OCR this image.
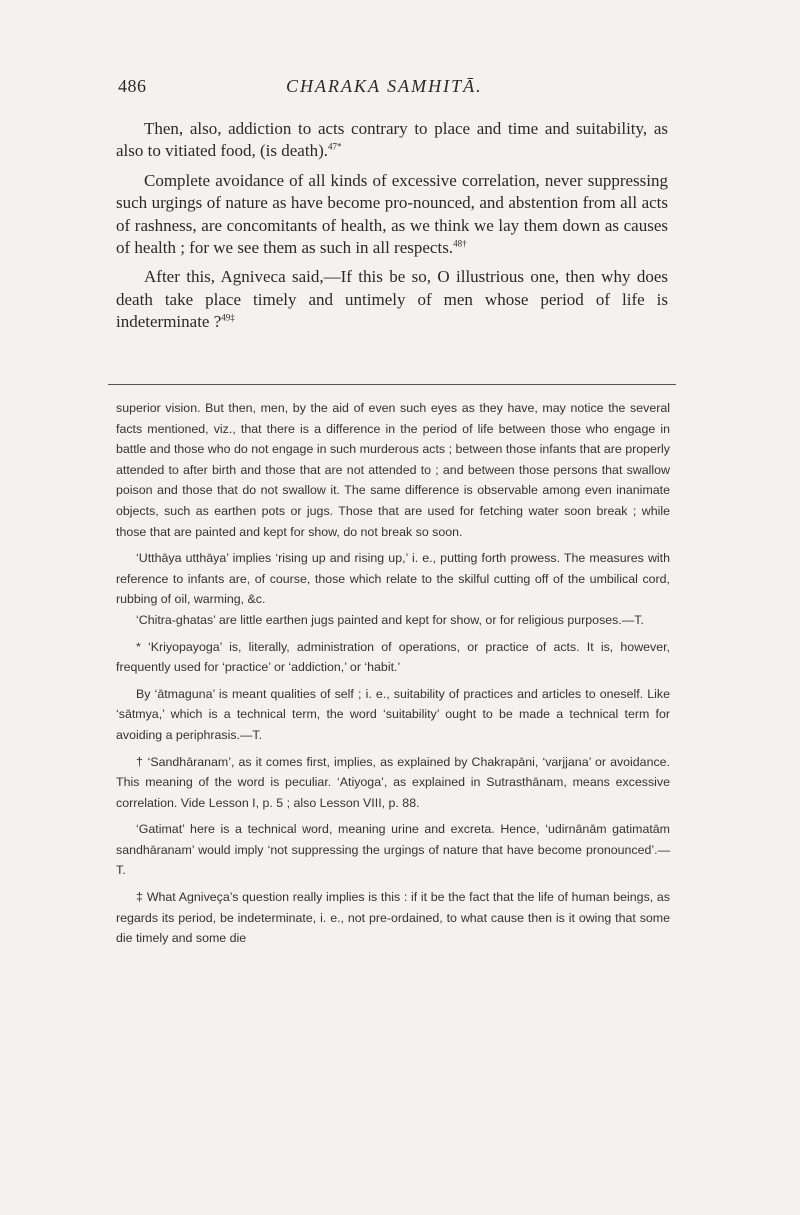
486	CHARAKA SAMHITĀ.

Then, also, addiction to acts contrary to place and time and suitability, as also to vitiated food, (is death).$^{47*}$

Complete avoidance of all kinds of excessive correlation, never suppressing such urgings of nature as have become pro-nounced, and abstention from all acts of rashness, are concomitants of health, as we think we lay them down as causes of health ; for we see them as such in all respects.$^{48\dagger}$

After this, Agniveca said,—If this be so, O illustrious one, then why does death take place timely and untimely of men whose period of life is indeterminate ?$^{49\ddagger}$

superior vision. But then, men, by the aid of even such eyes as they have, may notice the several facts mentioned, viz., that there is a difference in the period of life between those who engage in battle and those who do not engage in such murderous acts ; between those infants that are properly attended to after birth and those that are not attended to ; and between those persons that swallow poison and those that do not swallow it. The same difference is observable among even inanimate objects, such as earthen pots or jugs. Those that are used for fetching water soon break ; while those that are painted and kept for show, do not break so soon.

‘Utthāya utthāya’ implies ‘rising up and rising up,’ i. e., putting forth prowess. The measures with reference to infants are, of course, those which relate to the skilful cutting off of the umbilical cord, rubbing of oil, warming, &c.

‘Chitra-ghatas’ are little earthen jugs painted and kept for show, or for religious purposes.—T.

* ‘Kriyopayoga’ is, literally, administration of operations, or practice of acts. It is, however, frequently used for ‘practice’ or ‘addiction,’ or ‘habit.’

By ‘ātmaguna’ is meant qualities of self ; i. e., suitability of practices and articles to oneself. Like ‘sātmya,’ which is a technical term, the word ‘suitability’ ought to be made a technical term for avoiding a periphrasis.—T.

† ‘Sandhāranam’, as it comes first, implies, as explained by Chakrapāni, ‘varjjana’ or avoidance. This meaning of the word is peculiar. ‘Atiyoga’, as explained in Sutrasthānam, means excessive correlation. Vide Lesson I, p. 5 ; also Lesson VIII, p. 88.

‘Gatimat’ here is a technical word, meaning urine and excreta. Hence, ‘udirnānām gatimatām sandhāranam’ would imply ‘not suppressing the urgings of nature that have become pronounced’.—T.

‡ What Agniveça’s question really implies is this : if it be the fact that the life of human beings, as regards its period, be indeterminate, i. e., not pre-ordained, to what cause then is it owing that some die timely and some die
